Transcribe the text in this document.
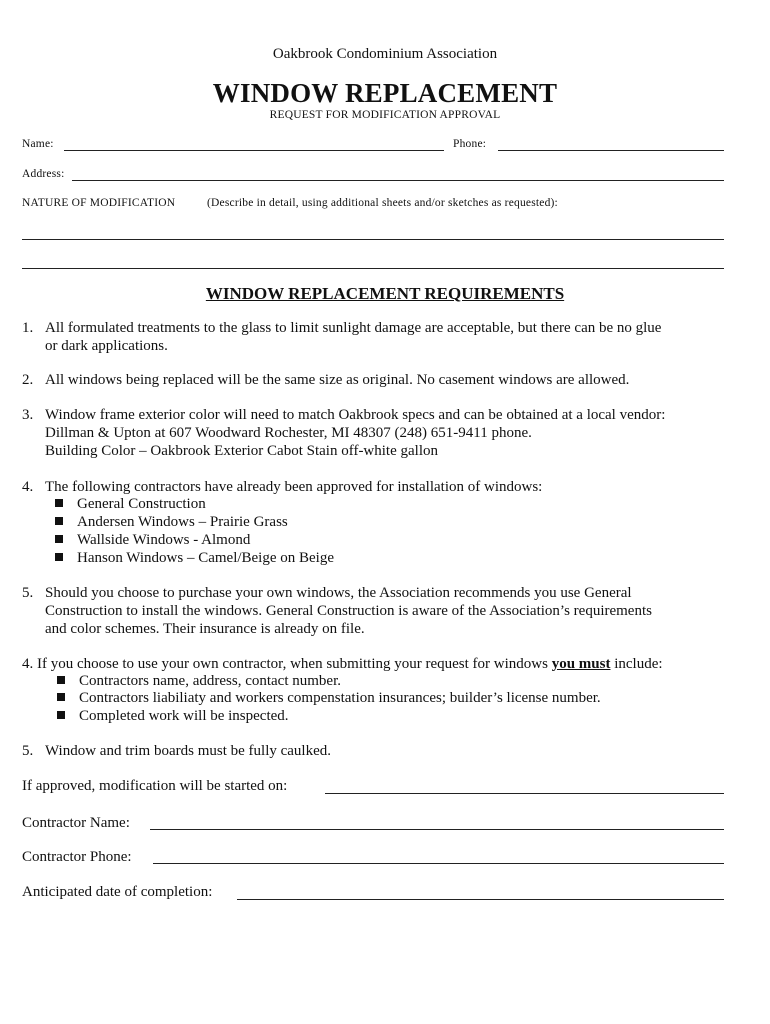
Oakbrook Condominium Association
WINDOW REPLACEMENT
REQUEST FOR MODIFICATION APPROVAL
Name:	Phone:
Address:
NATURE OF MODIFICATION	(Describe in detail, using additional sheets and/or sketches as requested):
WINDOW REPLACEMENT REQUIREMENTS
1. All formulated treatments to the glass to limit sunlight damage are acceptable, but there can be no glue
or dark applications.
2. All windows being replaced will be the same size as original. No casement windows are allowed.
3. Window frame exterior color will need to match Oakbrook specs and can be obtained at a local vendor:
Dillman & Upton at 607 Woodward Rochester, MI 48307 (248) 651-9411 phone.
Building Color – Oakbrook Exterior Cabot Stain off-white gallon
4. The following contractors have already been approved for installation of windows:
General Construction
Andersen Windows – Prairie Grass
Wallside Windows - Almond
Hanson Windows – Camel/Beige on Beige
5. Should you choose to purchase your own windows, the Association recommends you use General
Construction to install the windows. General Construction is aware of the Association’s requirements
and color schemes. Their insurance is already on file.
4. If you choose to use your own contractor, when submitting your request for windows you must include:
Contractors name, address, contact number.
Contractors liabiliaty and workers compenstation insurances; builder’s license number.
Completed work will be inspected.
5. Window and trim boards must be fully caulked.
If approved, modification will be started on:
Contractor Name:
Contractor Phone:
Anticipated date of completion:
